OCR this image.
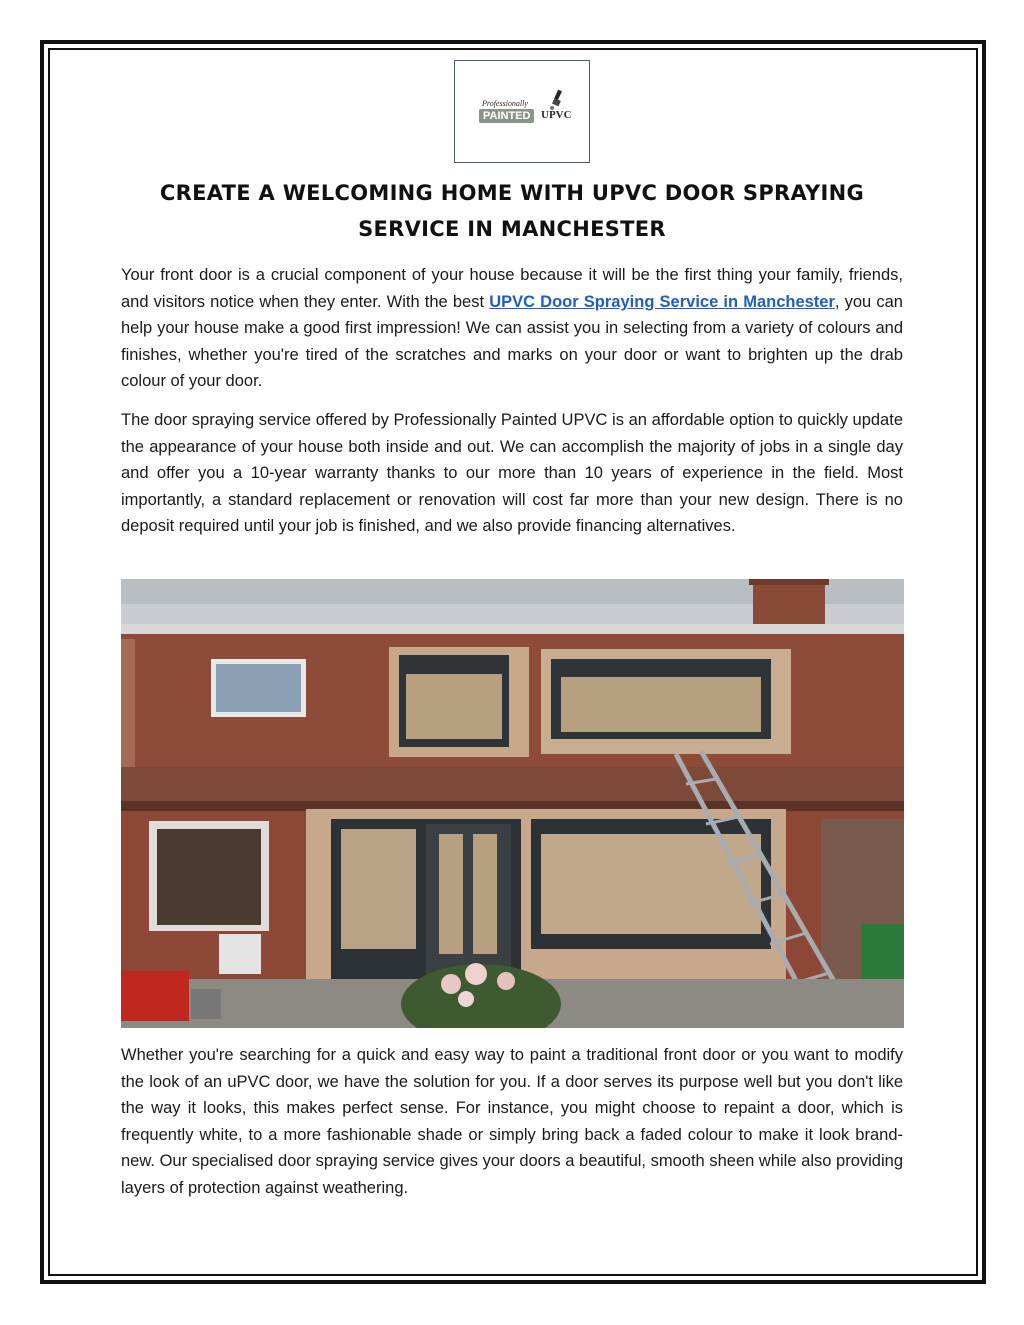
Professionally
PAINTED UPVC
CREATE A WELCOMING HOME WITH UPVC DOOR SPRAYING SERVICE IN MANCHESTER

Your front door is a crucial component of your house because it will be the first thing your family, friends, and visitors notice when they enter. With the best UPVC Door Spraying Service in Manchester, you can help your house make a good first impression! We can assist you in selecting from a variety of colours and finishes, whether you're tired of the scratches and marks on your door or want to brighten up the drab colour of your door.

The door spraying service offered by Professionally Painted UPVC is an affordable option to quickly update the appearance of your house both inside and out. We can accomplish the majority of jobs in a single day and offer you a 10-year warranty thanks to our more than 10 years of experience in the field. Most importantly, a standard replacement or renovation will cost far more than your new design. There is no deposit required until your job is finished, and we also provide financing alternatives.

Whether you're searching for a quick and easy way to paint a traditional front door or you want to modify the look of an uPVC door, we have the solution for you. If a door serves its purpose well but you don't like the way it looks, this makes perfect sense. For instance, you might choose to repaint a door, which is frequently white, to a more fashionable shade or simply bring back a faded colour to make it look brand-new. Our specialised door spraying service gives your doors a beautiful, smooth sheen while also providing layers of protection against weathering.
